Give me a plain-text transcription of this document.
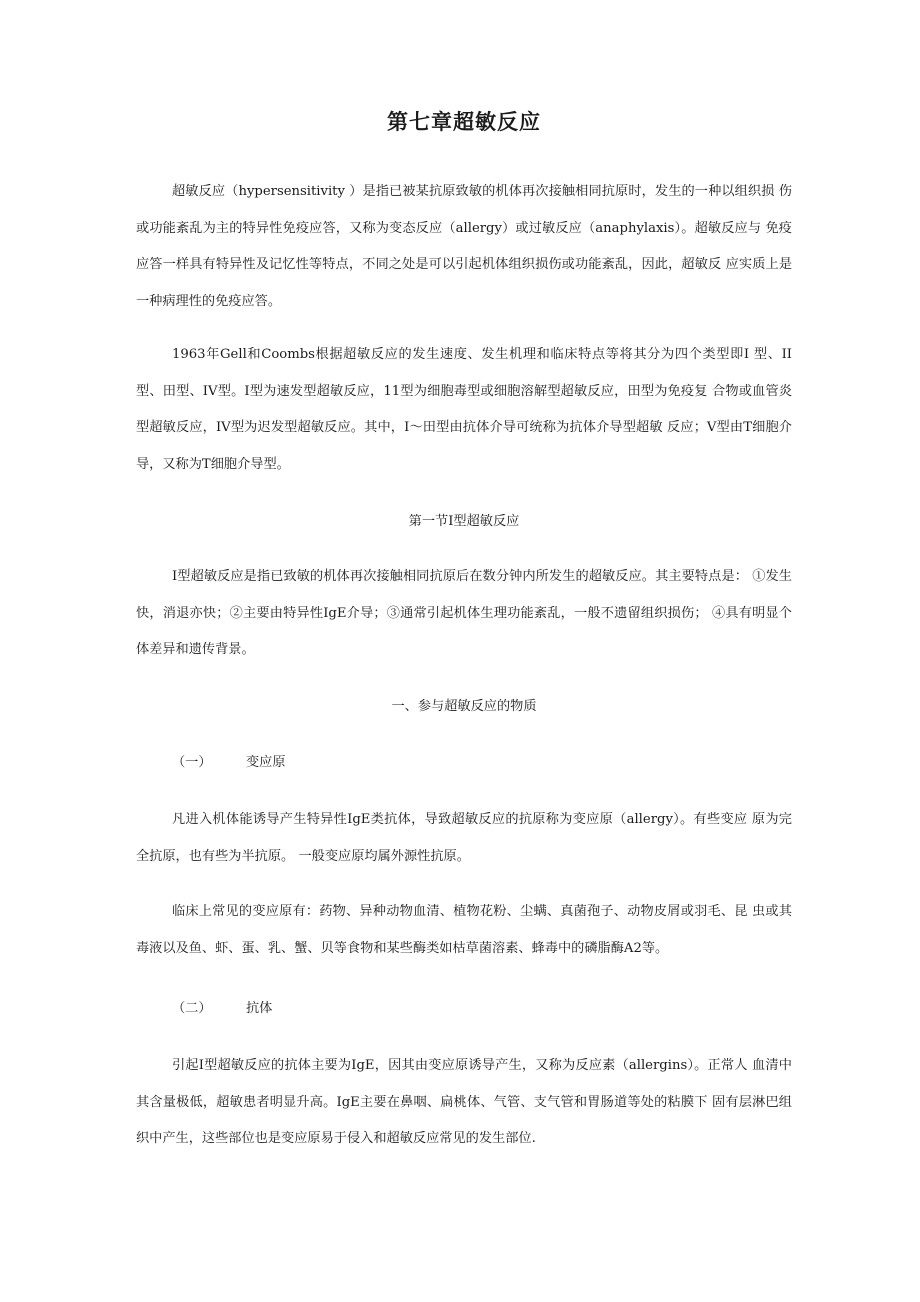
第七章超敏反应

超敏反应（hypersensitivity ）是指已被某抗原致敏的机体再次接触相同抗原时，发生的一种以组织损 伤或功能紊乱为主的特异性免疫应答，又称为变态反应（allergy）或过敏反应（anaphylaxis）。超敏反应与 免疫应答一样具有特异性及记忆性等特点，不同之处是可以引起机体组织损伤或功能紊乱，因此，超敏反 应实质上是一种病理性的免疫应答。

1963年Gell和Coombs根据超敏反应的发生速度、发生机理和临床特点等将其分为四个类型即I 型、II型、田型、IV型。I型为速发型超敏反应，11型为细胞毒型或细胞溶解型超敏反应，田型为免疫复 合物或血管炎型超敏反应，IV型为迟发型超敏反应。其中，I～田型由抗体介导可统称为抗体介导型超敏 反应；V型由T细胞介导，又称为T细胞介导型。

第一节I型超敏反应

I型超敏反应是指已致敏的机体再次接触相同抗原后在数分钟内所发生的超敏反应。其主要特点是： ①发生快，消退亦快；②主要由特异性IgE介导；③通常引起机体生理功能紊乱，一般不遗留组织损伤； ④具有明显个体差异和遗传背景。

一、参与超敏反应的物质

（一）	变应原

凡进入机体能诱导产生特异性IgE类抗体，导致超敏反应的抗原称为变应原（allergy）。有些变应 原为完全抗原，也有些为半抗原。 一般变应原均属外源性抗原。

临床上常见的变应原有：药物、异种动物血清、植物花粉、尘螨、真菌孢子、动物皮屑或羽毛、昆 虫或其毒液以及鱼、虾、蛋、乳、蟹、贝等食物和某些酶类如枯草菌溶素、蜂毒中的磷脂酶A2等。

（二）	抗体

引起I型超敏反应的抗体主要为IgE，因其由变应原诱导产生，又称为反应素（allergins）。正常人 血清中其含量极低，超敏患者明显升高。IgE主要在鼻咽、扁桃体、气管、支气管和胃肠道等处的粘膜下 固有层淋巴组织中产生，这些部位也是变应原易于侵入和超敏反应常见的发生部位.
